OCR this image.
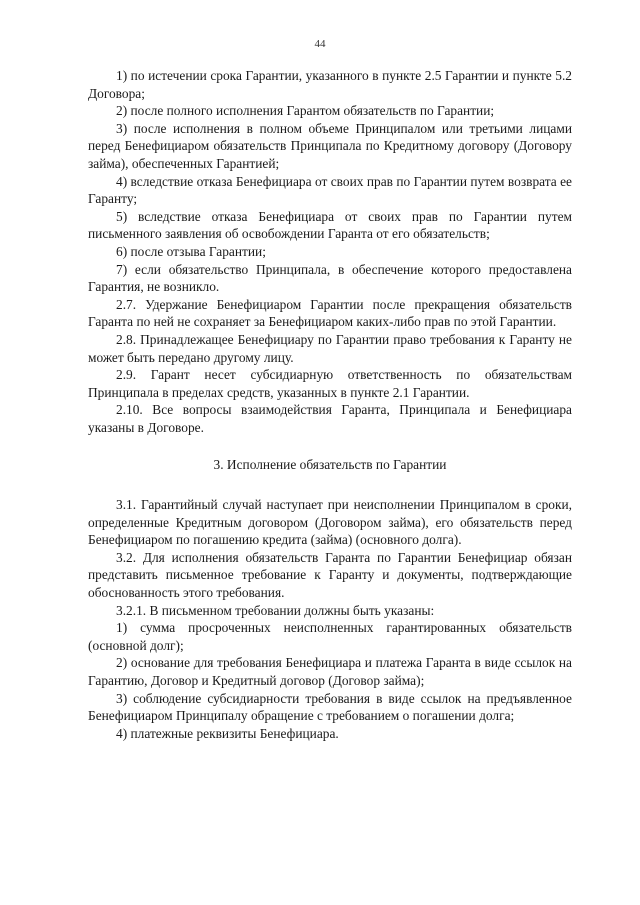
44

1) по истечении срока Гарантии, указанного в пункте 2.5 Гарантии и пункте 5.2 Договора;

2) после полного исполнения Гарантом обязательств по Гарантии;

3) после исполнения в полном объеме Принципалом или третьими лицами перед Бенефициаром обязательств Принципала по Кредитному договору (Договору займа), обеспеченных Гарантией;

4) вследствие отказа Бенефициара от своих прав по Гарантии путем возврата ее Гаранту;

5) вследствие отказа Бенефициара от своих прав по Гарантии путем письменного заявления об освобождении Гаранта от его обязательств;

6) после отзыва Гарантии;

7) если обязательство Принципала, в обеспечение которого предоставлена Гарантия, не возникло.

2.7. Удержание Бенефициаром Гарантии после прекращения обязательств Гаранта по ней не сохраняет за Бенефициаром каких-либо прав по этой Гарантии.

2.8. Принадлежащее Бенефициару по Гарантии право требования к Гаранту не может быть передано другому лицу.

2.9. Гарант несет субсидиарную ответственность по обязательствам Принципала в пределах средств, указанных в пункте 2.1 Гарантии.

2.10. Все вопросы взаимодействия Гаранта, Принципала и Бенефициара указаны в Договоре.

3. Исполнение обязательств по Гарантии

3.1. Гарантийный случай наступает при неисполнении Принципалом в сроки, определенные Кредитным договором (Договором займа), его обязательств перед Бенефициаром по погашению кредита (займа) (основного долга).

3.2. Для исполнения обязательств Гаранта по Гарантии Бенефициар обязан представить письменное требование к Гаранту и документы, подтверждающие обоснованность этого требования.

3.2.1. В письменном требовании должны быть указаны:

1) сумма просроченных неисполненных гарантированных обязательств (основной долг);

2) основание для требования Бенефициара и платежа Гаранта в виде ссылок на Гарантию, Договор и Кредитный договор (Договор займа);

3) соблюдение субсидиарности требования в виде ссылок на предъявленное Бенефициаром Принципалу обращение с требованием о погашении долга;

4) платежные реквизиты Бенефициара.
